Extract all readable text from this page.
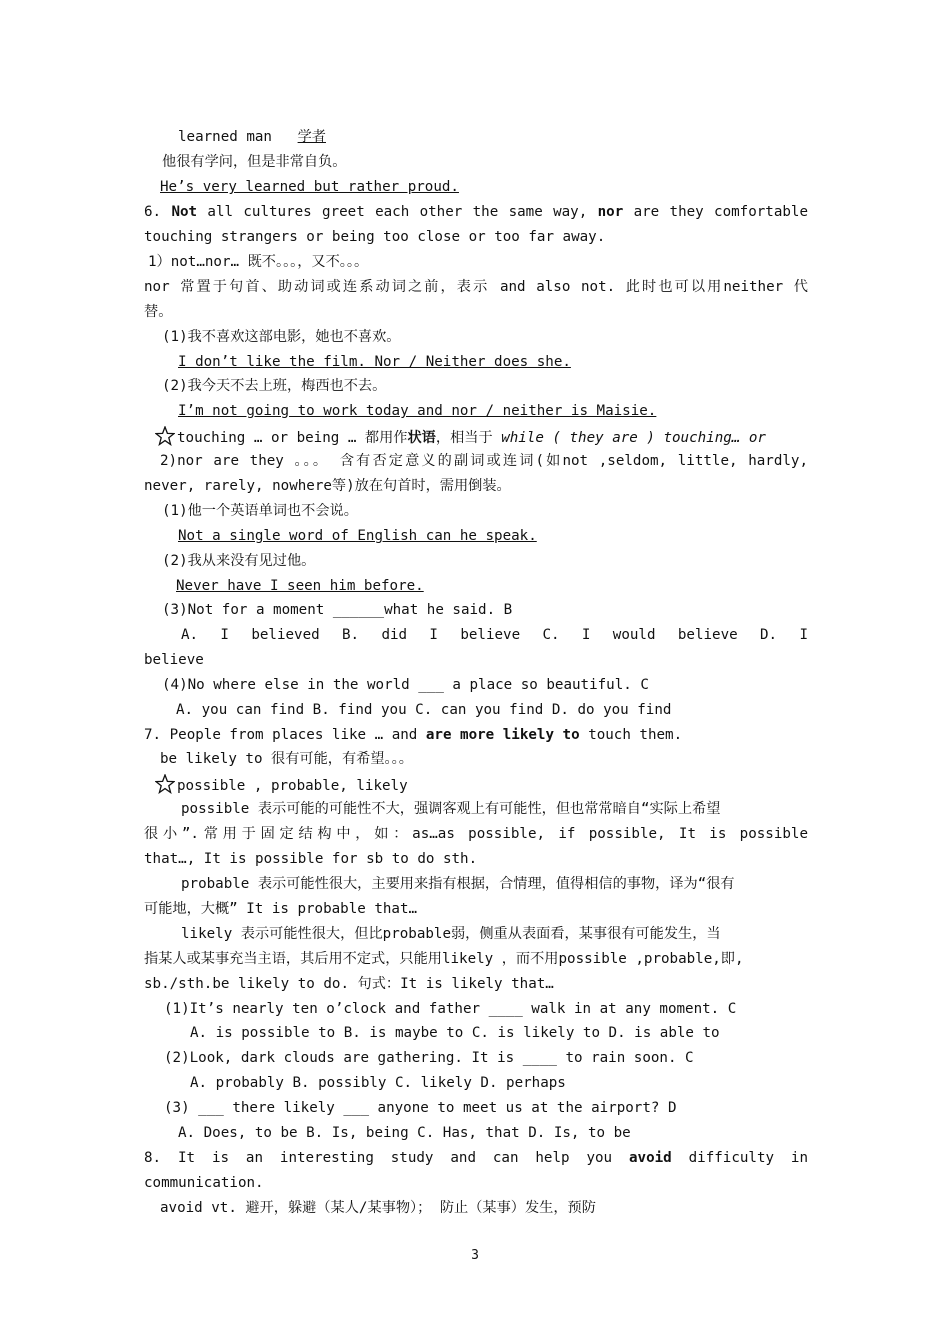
learned man 学者
他很有学问，但是非常自负。
He’s very learned but rather proud.
6. Not all cultures greet each other the same way, nor are they comfortable
touching strangers or being too close or too far away.
1）not…nor… 既不。。。，又不。。。
nor 常置于句首、助动词或连系动词之前，表示 and also not. 此时也可以用neither 代
替。
(1)我不喜欢这部电影，她也不喜欢。
I don’t like the film. Nor / Neither does she.
(2)我今天不去上班，梅西也不去。
I’m not going to work today and nor / neither is Maisie.
touching … or being … 都用作状语，相当于 while ( they are ) touching… or
2)nor are they 。。。 含有否定意义的副词或连词(如not ,seldom, little, hardly,
never, rarely, nowhere等)放在句首时，需用倒装。
(1)他一个英语单词也不会说。
Not a single word of English can he speak.
(2)我从来没有见过他。
Never have I seen him before.
(3)Not for a moment ______what he said. B
A. I believed B. did I believe C. I would believe D. I
believe
(4)No where else in the world ___ a place so beautiful. C
A. you can find B. find you C. can you find D. do you find
7. People from places like … and are more likely to touch them.
be likely to 很有可能，有希望。。。
possible , probable, likely
possible 表示可能的可能性不大，强调客观上有可能性，但也常常暗自“实际上希望
很小”.常用于固定结构中，如：as…as possible, if possible, It is possible
that…, It is possible for sb to do sth.
probable 表示可能性很大，主要用来指有根据，合情理，值得相信的事物，译为“很有
可能地，大概” It is probable that…
likely 表示可能性很大，但比probable弱，侧重从表面看，某事很有可能发生，当
指某人或某事充当主语，其后用不定式，只能用likely ，而不用possible ,probable,即,
sb./sth.be likely to do. 句式：It is likely that…
(1)It’s nearly ten o’clock and father ____ walk in at any moment. C
A. is possible to B. is maybe to C. is likely to D. is able to
(2)Look, dark clouds are gathering. It is ____ to rain soon. C
A. probably B. possibly C. likely D. perhaps
(3) ___ there likely ___ anyone to meet us at the airport? D
A. Does, to be B. Is, being C. Has, that D. Is, to be
8. It is an interesting study and can help you avoid difficulty in
communication.
avoid vt. 避开，躲避（某人/某事物）； 防止（某事）发生，预防
3
